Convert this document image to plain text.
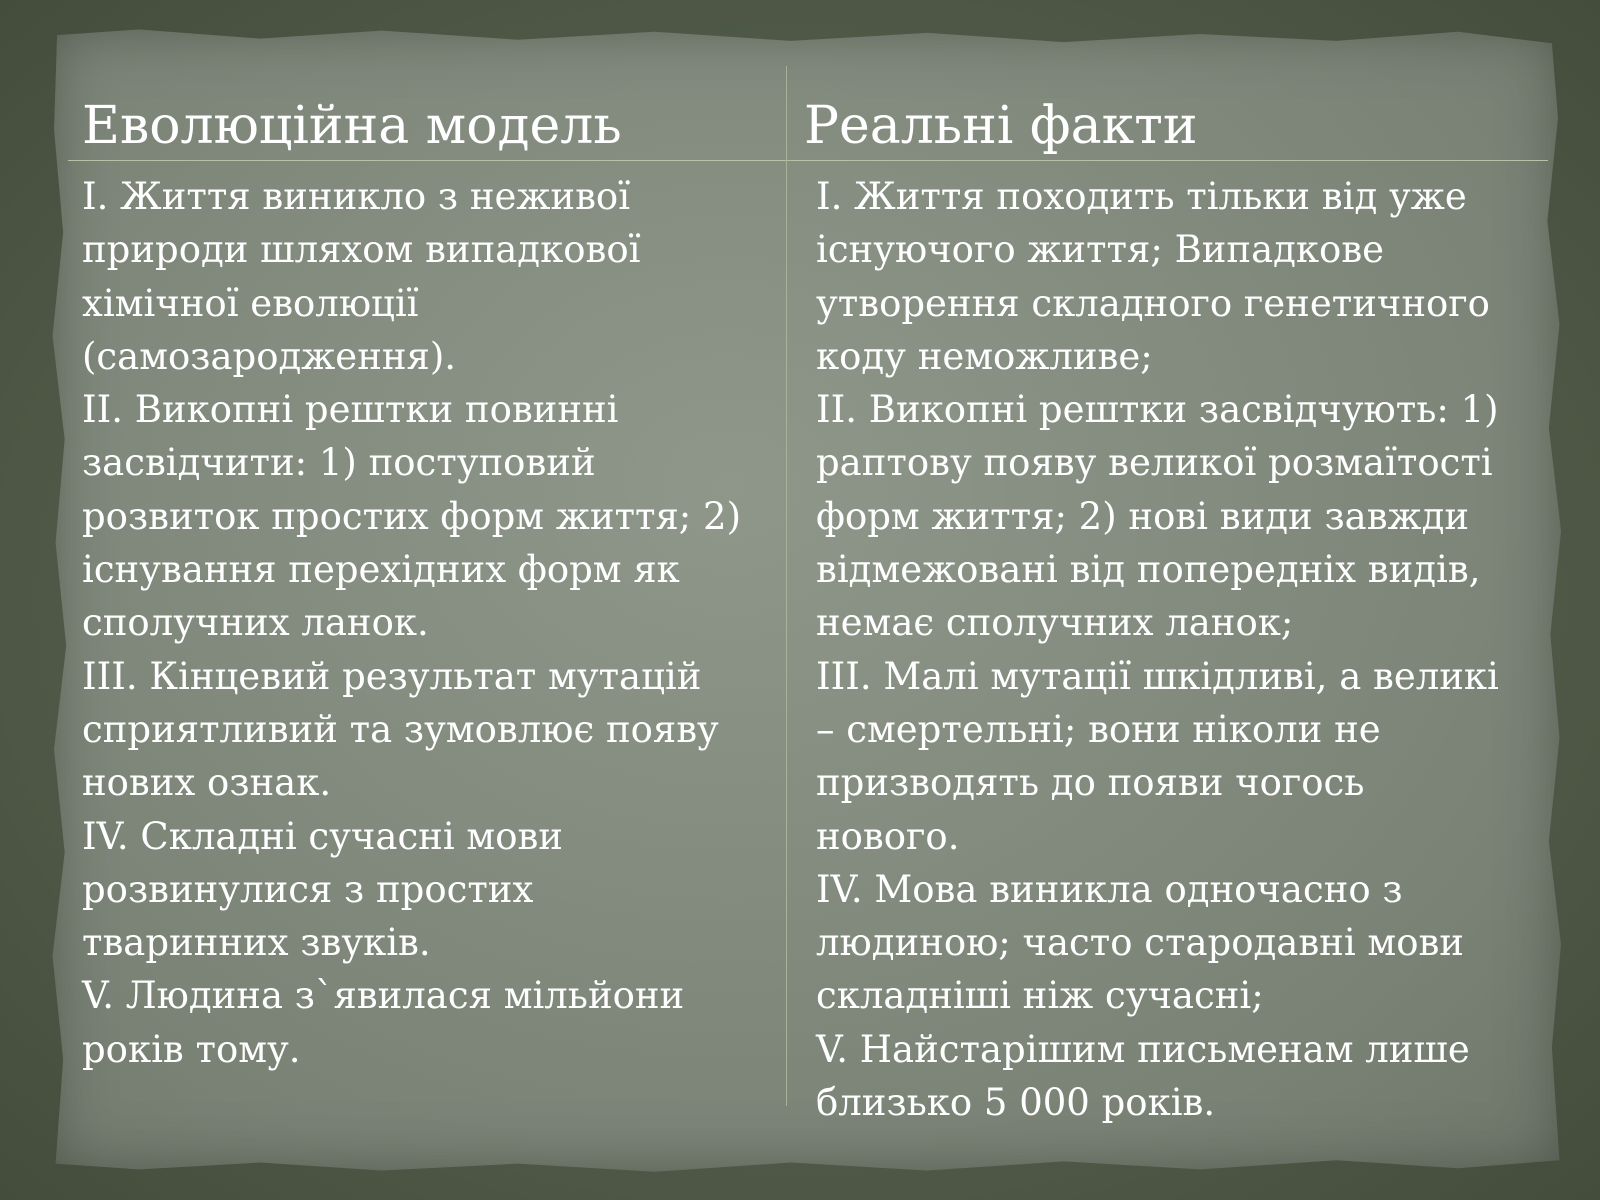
Еволюційна модель	Реальні факти
І. Життя виникло з неживої
природи шляхом випадкової
хімічної еволюції
(самозародження).
ІІ. Викопні рештки повинні
засвідчити: 1) поступовий
розвиток простих форм життя; 2)
існування перехідних форм як
сполучних ланок.
ІІІ. Кінцевий результат мутацій
сприятливий та зумовлює появу
нових ознак.
IV. Складні сучасні мови
розвинулися з простих
тваринних звуків.
V. Людина з`явилася мільйони
років тому.
І. Життя походить тільки від уже
існуючого життя; Випадкове
утворення складного генетичного
коду неможливе;
ІІ. Викопні рештки засвідчують: 1)
раптову появу великої розмаїтості
форм життя; 2) нові види завжди
відмежовані від попередніх видів,
немає сполучних ланок;
ІІІ. Малі мутації шкідливі, а великі
– смертельні; вони ніколи не
призводять до появи чогось
нового.
IV. Мова виникла одночасно з
людиною; часто стародавні мови
складніші ніж сучасні;
V. Найстарішим письменам лише
близько 5 000 років.
